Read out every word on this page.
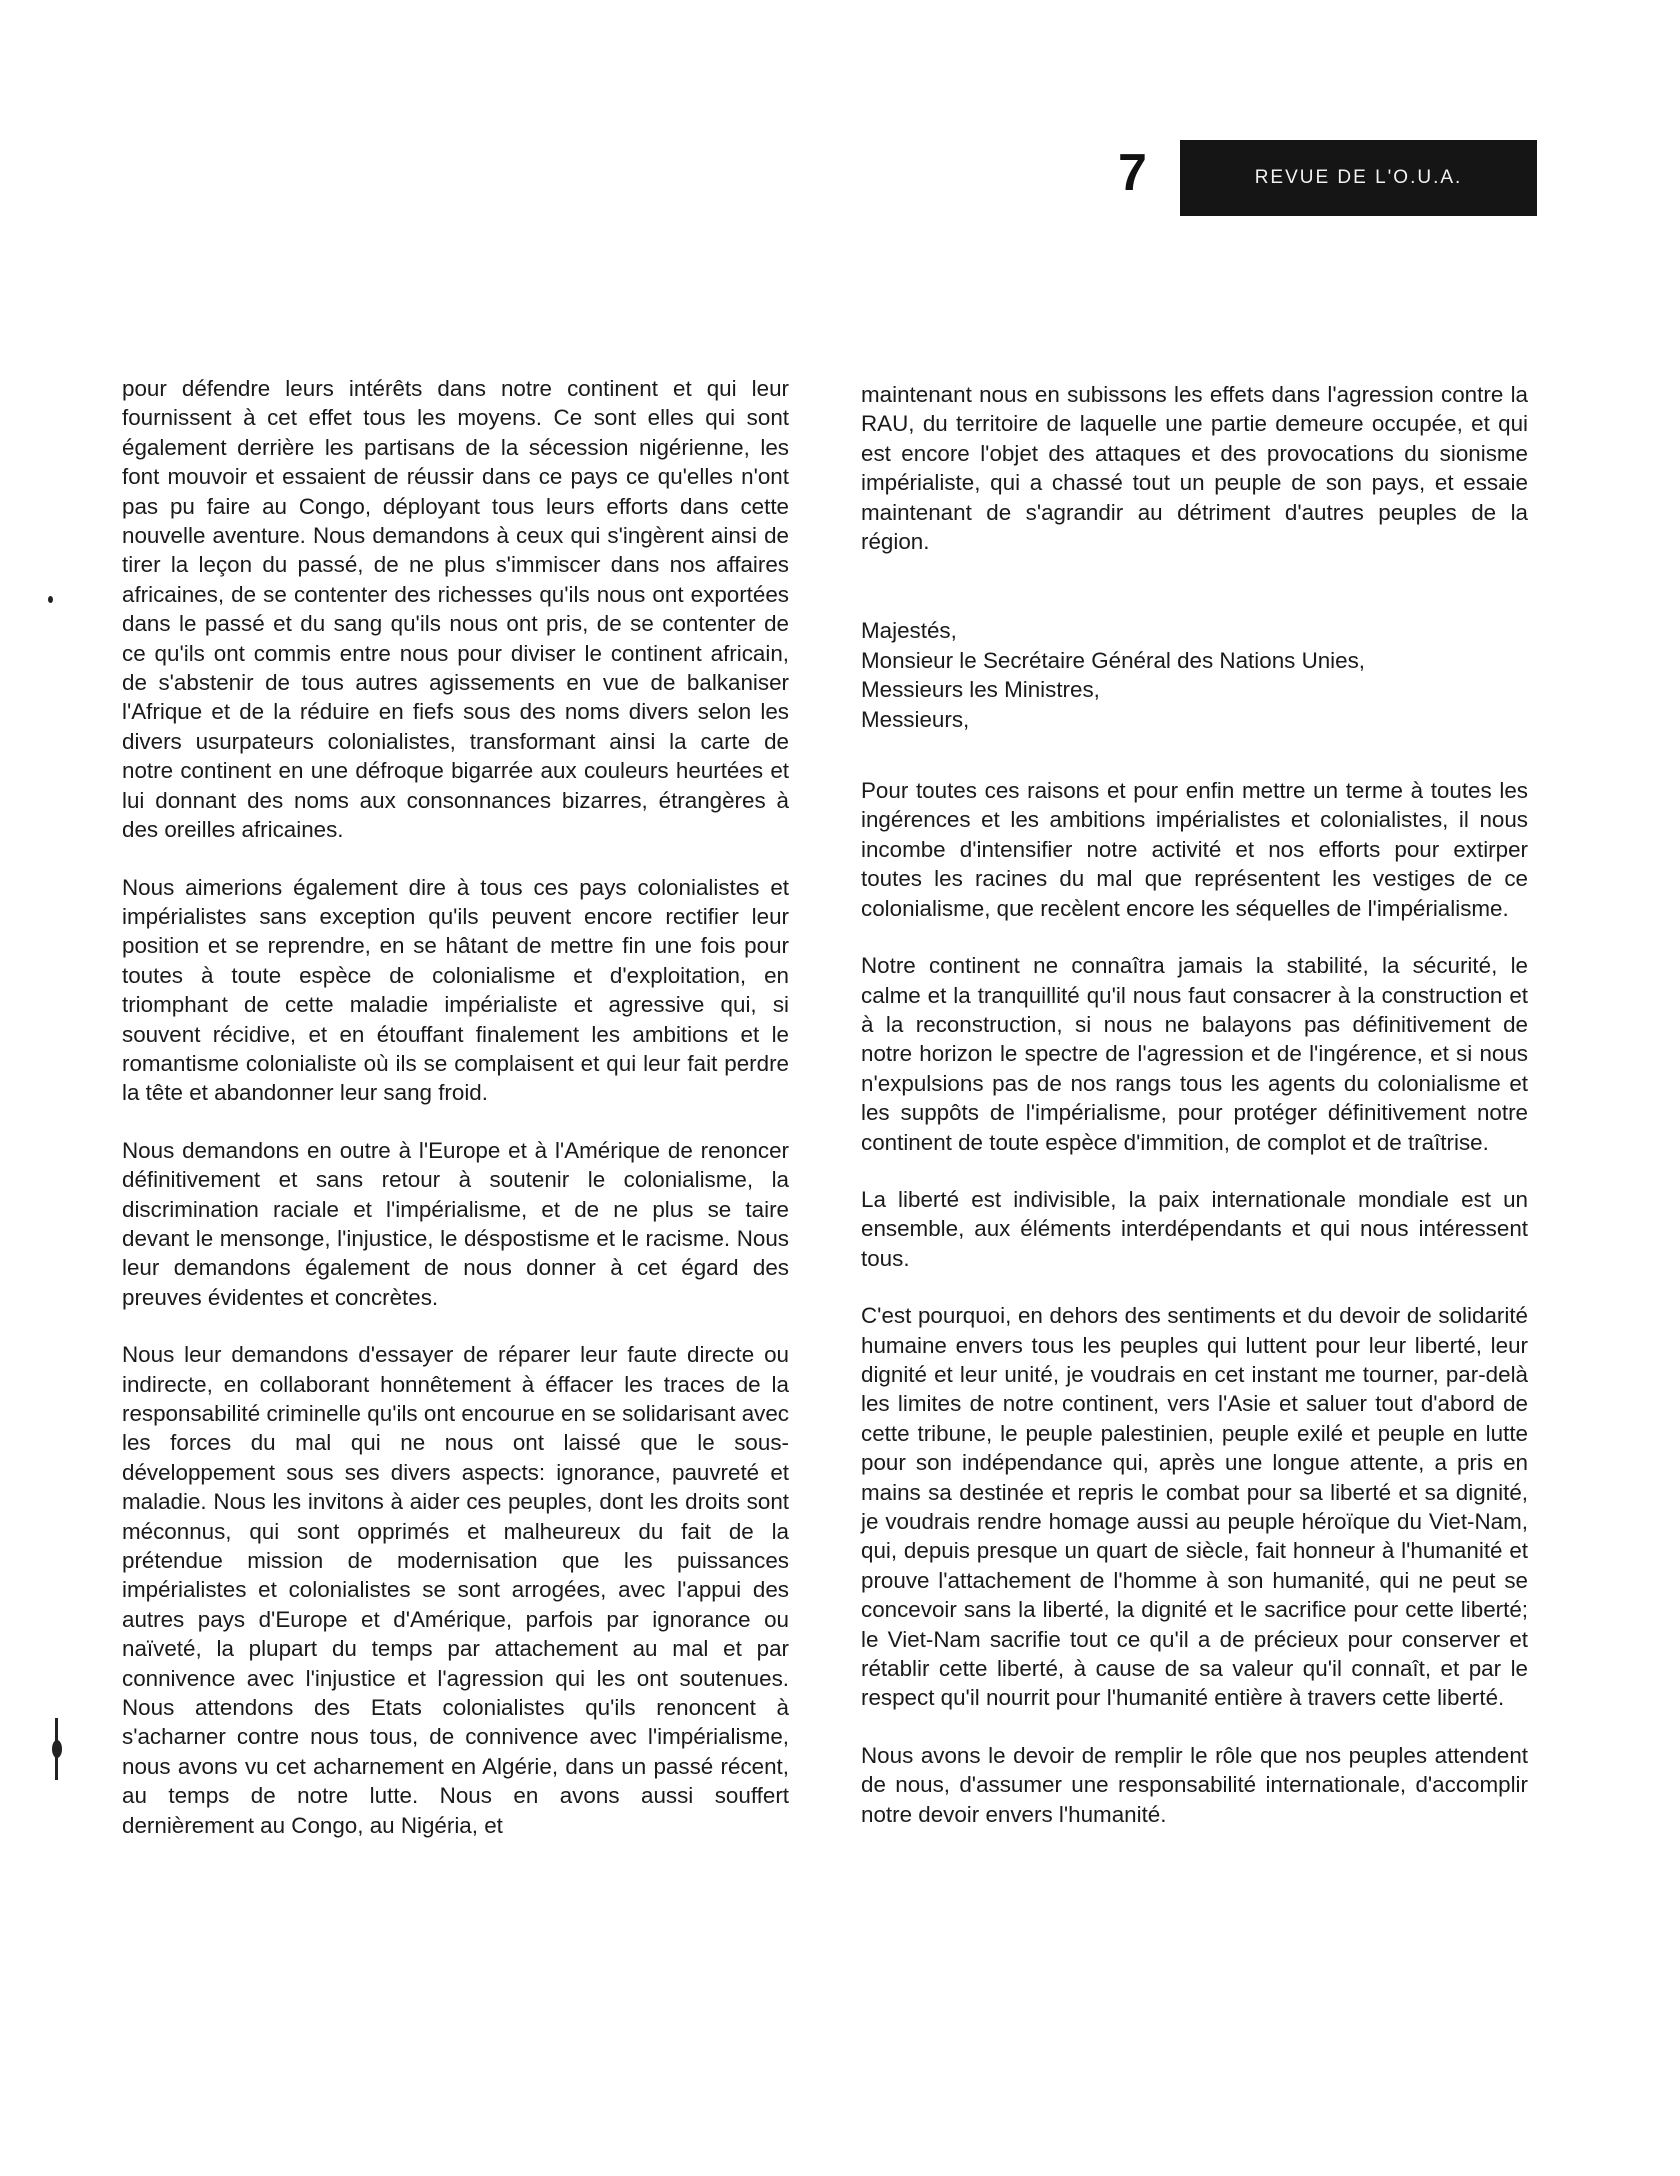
7	REVUE DE L'O.U.A.

pour défendre leurs intérêts dans notre continent et qui leur fournissent à cet effet tous les moyens. Ce sont elles qui sont également derrière les partisans de la sécession nigérienne, les font mouvoir et essaient de réussir dans ce pays ce qu'elles n'ont pas pu faire au Congo, déployant tous leurs efforts dans cette nouvelle aventure. Nous demandons à ceux qui s'ingèrent ainsi de tirer la leçon du passé, de ne plus s'immiscer dans nos affaires africaines, de se contenter des richesses qu'ils nous ont exportées dans le passé et du sang qu'ils nous ont pris, de se contenter de ce qu'ils ont commis entre nous pour diviser le continent africain, de s'abstenir de tous autres agissements en vue de balkaniser l'Afrique et de la réduire en fiefs sous des noms divers selon les divers usurpateurs colonialistes, transformant ainsi la carte de notre continent en une défroque bigarrée aux couleurs heurtées et lui donnant des noms aux consonnances bizarres, étrangères à des oreilles africaines.

Nous aimerions également dire à tous ces pays colonialistes et impérialistes sans exception qu'ils peuvent encore rectifier leur position et se reprendre, en se hâtant de mettre fin une fois pour toutes à toute espèce de colonialisme et d'exploitation, en triomphant de cette maladie impérialiste et agressive qui, si souvent récidive, et en étouffant finalement les ambitions et le romantisme colonialiste où ils se complaisent et qui leur fait perdre la tête et abandonner leur sang froid.

Nous demandons en outre à l'Europe et à l'Amérique de renoncer définitivement et sans retour à soutenir le colonialisme, la discrimination raciale et l'impérialisme, et de ne plus se taire devant le mensonge, l'injustice, le déspostisme et le racisme. Nous leur demandons également de nous donner à cet égard des preuves évidentes et concrètes.

Nous leur demandons d'essayer de réparer leur faute directe ou indirecte, en collaborant honnêtement à éffacer les traces de la responsabilité criminelle qu'ils ont encourue en se solidarisant avec les forces du mal qui ne nous ont laissé que le sous-développement sous ses divers aspects: ignorance, pauvreté et maladie. Nous les invitons à aider ces peuples, dont les droits sont méconnus, qui sont opprimés et malheureux du fait de la prétendue mission de modernisation que les puissances impérialistes et colonialistes se sont arrogées, avec l'appui des autres pays d'Europe et d'Amérique, parfois par ignorance ou naïveté, la plupart du temps par attachement au mal et par connivence avec l'injustice et l'agression qui les ont soutenues. Nous attendons des Etats colonialistes qu'ils renoncent à s'acharner contre nous tous, de connivence avec l'impérialisme, nous avons vu cet acharnement en Algérie, dans un passé récent, au temps de notre lutte. Nous en avons aussi souffert dernièrement au Congo, au Nigéria, et

maintenant nous en subissons les effets dans l'agression contre la RAU, du territoire de laquelle une partie demeure occupée, et qui est encore l'objet des attaques et des provocations du sionisme impérialiste, qui a chassé tout un peuple de son pays, et essaie maintenant de s'agrandir au détriment d'autres peuples de la région.

Majestés,
Monsieur le Secrétaire Général des Nations Unies,
Messieurs les Ministres,
Messieurs,

Pour toutes ces raisons et pour enfin mettre un terme à toutes les ingérences et les ambitions impérialistes et colonialistes, il nous incombe d'intensifier notre activité et nos efforts pour extirper toutes les racines du mal que représentent les vestiges de ce colonialisme, que recèlent encore les séquelles de l'impérialisme.

Notre continent ne connaîtra jamais la stabilité, la sécurité, le calme et la tranquillité qu'il nous faut consacrer à la construction et à la reconstruction, si nous ne balayons pas définitivement de notre horizon le spectre de l'agression et de l'ingérence, et si nous n'expulsions pas de nos rangs tous les agents du colonialisme et les suppôts de l'impérialisme, pour protéger définitivement notre continent de toute espèce d'immition, de complot et de traîtrise.

La liberté est indivisible, la paix internationale mondiale est un ensemble, aux éléments interdépendants et qui nous intéressent tous.

C'est pourquoi, en dehors des sentiments et du devoir de solidarité humaine envers tous les peuples qui luttent pour leur liberté, leur dignité et leur unité, je voudrais en cet instant me tourner, par-delà les limites de notre continent, vers l'Asie et saluer tout d'abord de cette tribune, le peuple palestinien, peuple exilé et peuple en lutte pour son indépendance qui, après une longue attente, a pris en mains sa destinée et repris le combat pour sa liberté et sa dignité, je voudrais rendre homage aussi au peuple héroïque du Viet-Nam, qui, depuis presque un quart de siècle, fait honneur à l'humanité et prouve l'attachement de l'homme à son humanité, qui ne peut se concevoir sans la liberté, la dignité et le sacrifice pour cette liberté; le Viet-Nam sacrifie tout ce qu'il a de précieux pour conserver et rétablir cette liberté, à cause de sa valeur qu'il connaît, et par le respect qu'il nourrit pour l'humanité entière à travers cette liberté.

Nous avons le devoir de remplir le rôle que nos peuples attendent de nous, d'assumer une responsabilité internationale, d'accomplir notre devoir envers l'humanité.
